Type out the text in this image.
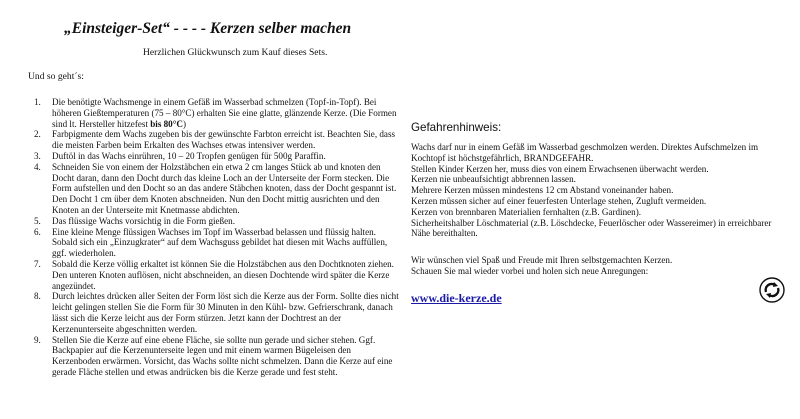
„Einsteiger-Set“ - - - - Kerzen selber machen
Herzlichen Glückwunsch zum Kauf dieses Sets.
Und so geht´s:
1. Die benötigte Wachsmenge in einem Gefäß im Wasserbad schmelzen (Topf-in-Topf). Bei höheren Gießtemperaturen (75 – 80°C) erhalten Sie eine glatte, glänzende Kerze. (Die Formen sind lt. Hersteller hitzefest bis 80°C)
2. Farbpigmente dem Wachs zugeben bis der gewünschte Farbton erreicht ist. Beachten Sie, dass die meisten Farben beim Erkalten des Wachses etwas intensiver werden.
3. Duftöl in das Wachs einrühren, 10 – 20 Tropfen genügen für 500g Paraffin.
4. Schneiden Sie von einem der Holzstäbchen ein etwa 2 cm langes Stück ab und knoten den Docht daran, dann den Docht durch das kleine Loch an der Unterseite der Form stecken. Die Form aufstellen und den Docht so an das andere Stäbchen knoten, dass der Docht gespannt ist. Den Docht 1 cm über dem Knoten abschneiden. Nun den Docht mittig ausrichten und den Knoten an der Unterseite mit Knetmasse abdichten.
5. Das flüssige Wachs vorsichtig in die Form gießen.
6. Eine kleine Menge flüssigen Wachses im Topf im Wasserbad belassen und flüssig halten. Sobald sich ein „Einzugkrater“ auf dem Wachsguss gebildet hat diesen mit Wachs auffüllen, ggf. wiederholen.
7. Sobald die Kerze völlig erkaltet ist können Sie die Holzstäbchen aus den Dochtknoten ziehen. Den unteren Knoten auflösen, nicht abschneiden, an diesen Dochtende wird später die Kerze angezündet.
8. Durch leichtes drücken aller Seiten der Form löst sich die Kerze aus der Form. Sollte dies nicht leicht gelingen stellen Sie die Form für 30 Minuten in den Kühl- bzw. Gefrierschrank, danach lässt sich die Kerze leicht aus der Form stürzen. Jetzt kann der Dochtrest an der Kerzenunterseite abgeschnitten werden.
9. Stellen Sie die Kerze auf eine ebene Fläche, sie sollte nun gerade und sicher stehen. Ggf. Backpapier auf die Kerzenunterseite legen und mit einem warmen Bügeleisen den Kerzenboden erwärmen. Vorsicht, das Wachs sollte nicht schmelzen. Dann die Kerze auf eine gerade Fläche stellen und etwas andrücken bis die Kerze gerade und fest steht.
Gefahrenhinweis:

Wachs darf nur in einem Gefäß im Wasserbad geschmolzen werden. Direktes Aufschmelzen im Kochtopf ist höchstgefährlich, BRANDGEFAHR.

Stellen Kinder Kerzen her, muss dies von einem Erwachsenen überwacht werden.

Kerzen nie unbeaufsichtigt abbrennen lassen.

Mehrere Kerzen müssen mindestens 12 cm Abstand voneinander haben.

Kerzen müssen sicher auf einer feuerfesten Unterlage stehen, Zugluft vermeiden.

Kerzen von brennbaren Materialien fernhalten (z.B. Gardinen).

Sicherheitshalber Löschmaterial (z.B. Löschdecke, Feuerlöscher oder Wassereimer) in erreichbarer Nähe bereithalten.

Wir wünschen viel Spaß und Freude mit Ihren selbstgemachten Kerzen.

Schauen Sie mal wieder vorbei und holen sich neue Anregungen:

www.die-kerze.de
